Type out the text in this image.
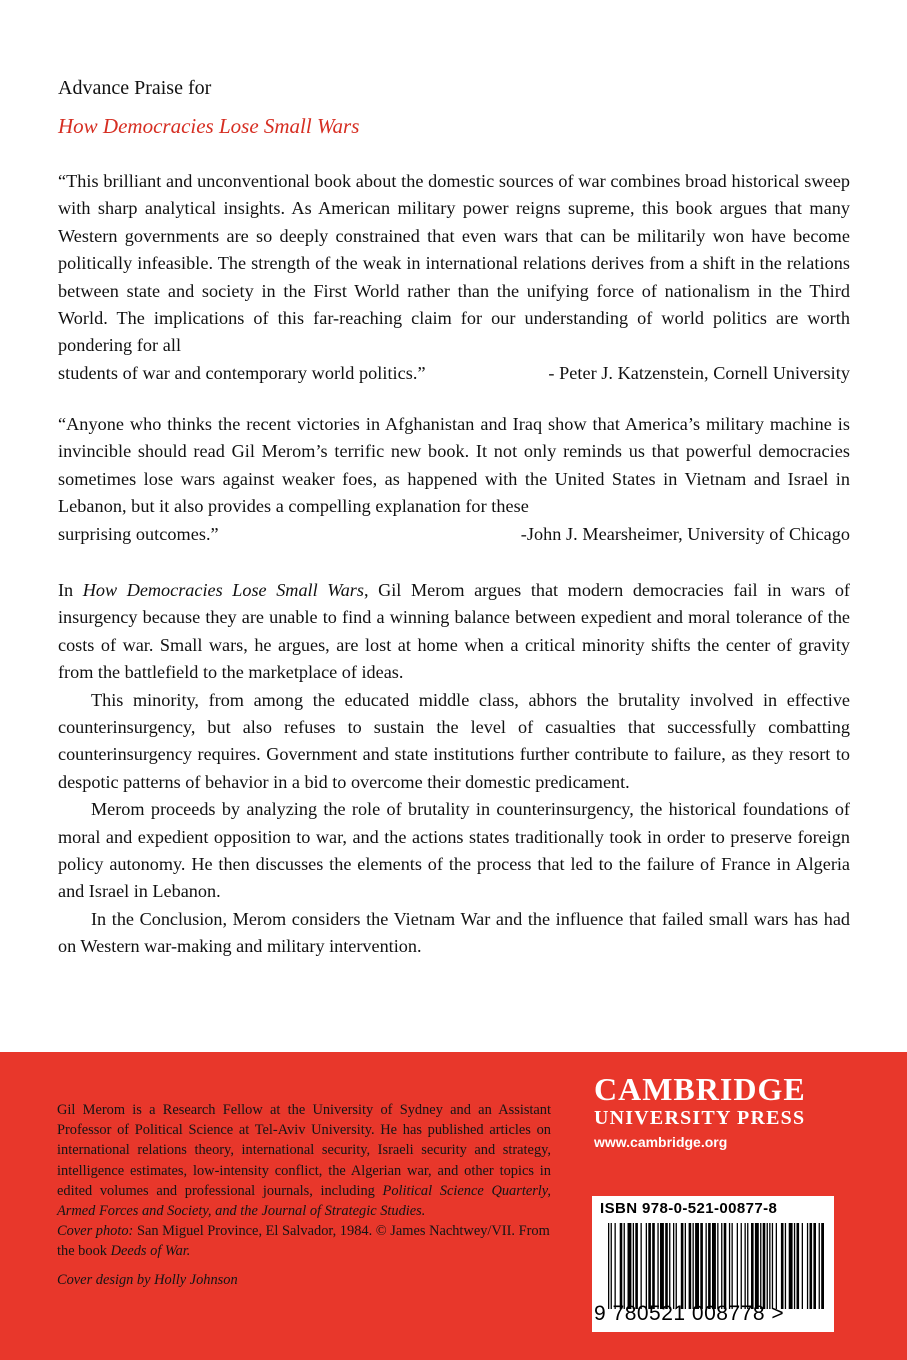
Advance Praise for
How Democracies Lose Small Wars
“This brilliant and unconventional book about the domestic sources of war combines broad historical sweep with sharp analytical insights. As American military power reigns supreme, this book argues that many Western governments are so deeply constrained that even wars that can be militarily won have become politically infeasible. The strength of the weak in international relations derives from a shift in the relations between state and society in the First World rather than the unifying force of nationalism in the Third World. The implications of this far-reaching claim for our understanding of world politics are worth pondering for all
students of war and contemporary world politics.”	- Peter J. Katzenstein, Cornell University
“Anyone who thinks the recent victories in Afghanistan and Iraq show that America’s military machine is invincible should read Gil Merom’s terrific new book. It not only reminds us that powerful democracies sometimes lose wars against weaker foes, as happened with the United States in Vietnam and Israel in Lebanon, but it also provides a compelling explanation for these
surprising outcomes.”	-John J. Mearsheimer, University of Chicago

In How Democracies Lose Small Wars, Gil Merom argues that modern democracies fail in wars of insurgency because they are unable to find a winning balance between expedient and moral tolerance of the costs of war. Small wars, he argues, are lost at home when a critical minority shifts the center of gravity from the battlefield to the marketplace of ideas.

This minority, from among the educated middle class, abhors the brutality involved in effective counterinsurgency, but also refuses to sustain the level of casualties that successfully combatting counterinsurgency requires. Government and state institutions further contribute to failure, as they resort to despotic patterns of behavior in a bid to overcome their domestic predicament.

Merom proceeds by analyzing the role of brutality in counterinsurgency, the historical foundations of moral and expedient opposition to war, and the actions states traditionally took in order to preserve foreign policy autonomy. He then discusses the elements of the process that led to the failure of France in Algeria and Israel in Lebanon.

In the Conclusion, Merom considers the Vietnam War and the influence that failed small wars has had on Western war-making and military intervention.

Gil Merom is a Research Fellow at the University of Sydney and an Assistant Professor of Political Science at Tel-Aviv University. He has published articles on international relations theory, international security, Israeli security and strategy, intelligence estimates, low-intensity conflict, the Algerian war, and other topics in edited volumes and professional journals, including Political Science Quarterly, Armed Forces and Society, and the Journal of Strategic Studies.

Cover photo: San Miguel Province, El Salvador, 1984. © James Nachtwey/VII. From the book Deeds of War.

Cover design by Holly Johnson

CAMBRIDGE
UNIVERSITY PRESS
www.cambridge.org
ISBN 978-0-521-00877-8
9 780521 008778 >
